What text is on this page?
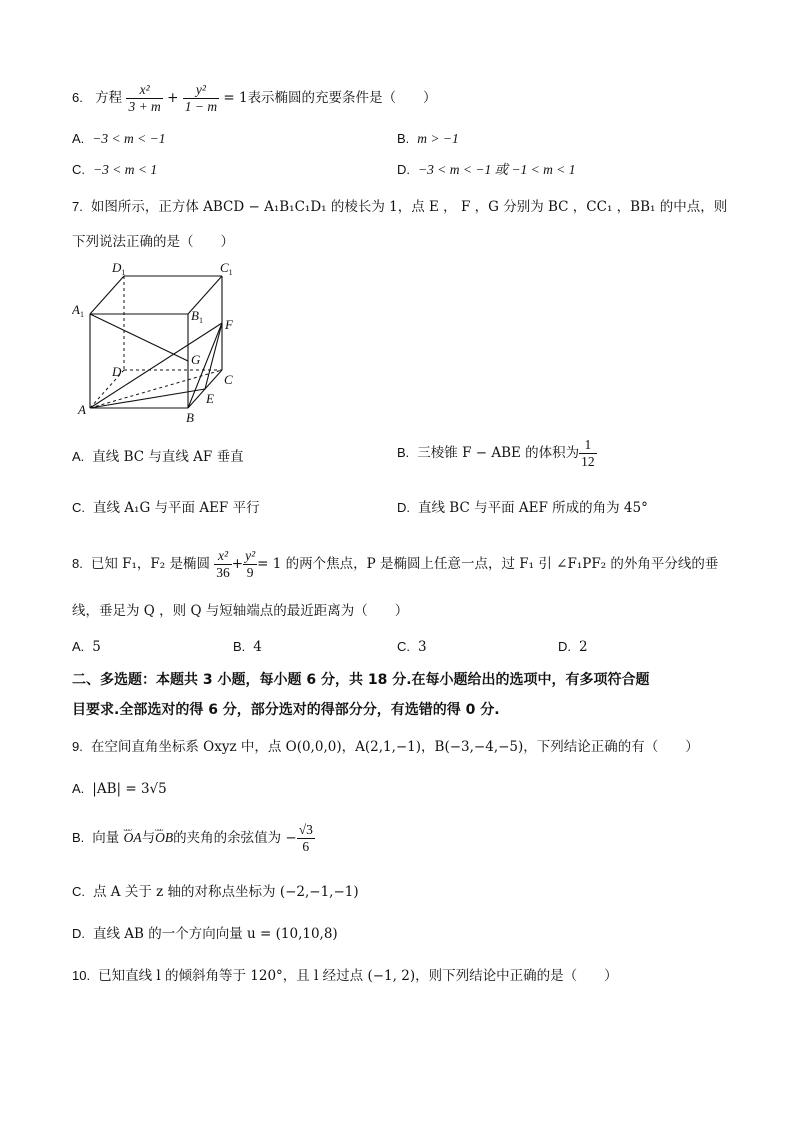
6. 方程 $\frac{\text{x²}}{3 + m} + \frac{\text{y²}}{1 - m} = 1$表示椭圆的充要条件是（　　）
A. −3 < m < −1	B. m > −1
C. −3 < m < 1	D. −3 < m < −1 或 −1 < m < 1
7. 如图所示，正方体 ABCD − A₁B₁C₁D₁ 的棱长为 1，点 E ， F ，G 分别为 BC ，CC₁ ，BB₁ 的中点，则
下列说法正确的是（　　）
$D_1$	$C_1$
$A_1$	$B_1$ F
G
D
C
E
A
B
A. 直线 BC 与直线 AF 垂直	B. 三棱锥 F − ABE 的体积为 $\frac{1}{12}$
C. 直线 A₁G 与平面 AEF 平行	D. 直线 BC 与平面 AEF 所成的角为 45°
8. 已知 F₁，F₂ 是椭圆 $\frac{\text{x²}}{36} + \frac{\text{y²}}{9} = 1$ 的两个焦点，P 是椭圆上任意一点，过 F₁ 引 ∠F₁PF₂ 的外角平分线的垂
线，垂足为 Q ，则 Q 与短轴端点的最近距离为（　　）
A. 5	B. 4	C. 3	D. 2
二、多选题：本题共 3 小题，每小题 6 分，共 18 分.在每小题给出的选项中，有多项符合题
目要求.全部选对的得 6 分，部分选对的得部分分，有选错的得 0 分.
9. 在空间直角坐标系 Oxyz 中，点 O(0,0,0)，A(2,1,−1)，B(−3,−4,−5)，下列结论正确的有（　　）
A. |AB| = 3√5
B. 向量 ᴗᴗᴗ OA与ᴗᴗᴗ OB的夹角的余弦值为 − $\frac{√3}{6}$
C. 点 A 关于 z 轴的对称点坐标为 (−2,−1,−1)
D. 直线 AB 的一个方向向量 u = (10,10,8)
10. 已知直线 l 的倾斜角等于 120°，且 l 经过点 (−1, 2)，则下列结论中正确的是（　　）
